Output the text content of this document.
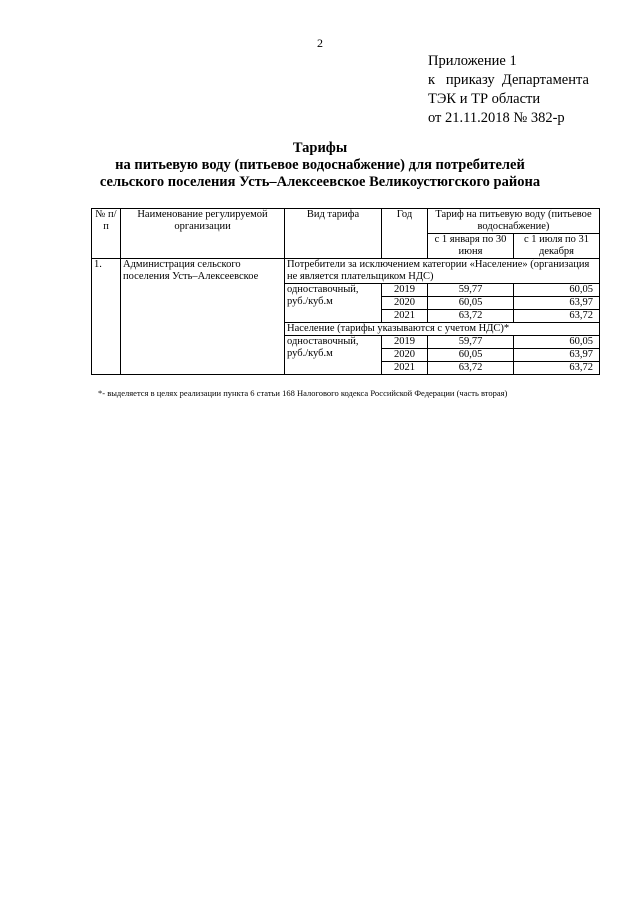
2
Приложение 1
к   приказу  Департамента
ТЭК и ТР области
от 21.11.2018 № 382-р
Тарифы
на питьевую воду (питьевое водоснабжение) для потребителей
сельского поселения Усть–Алексеевское Великоустюгского района
№ п/п	Наименование регулируемой организации	Вид тарифа	Год	Тариф на питьевую воду (питьевое водоснабжение)	
				с 1 января по 30 июня	с 1 июля по 31 декабря
1.	Администрация сельского поселения Усть–Алексеевское	Потребители за исключением категории «Население» (организация не является плательщиком НДС)			
		одноставочный, руб./куб.м	2019	59,77	60,05
			2020	60,05	63,97
			2021	63,72	63,72
		Население (тарифы указываются с учетом НДС)*			
		одноставочный, руб./куб.м	2019	59,77	60,05
			2020	60,05	63,97
			2021	63,72	63,72
*- выделяется в целях реализации пункта 6 статьи 168 Налогового кодекса Российской Федерации (часть вторая)
